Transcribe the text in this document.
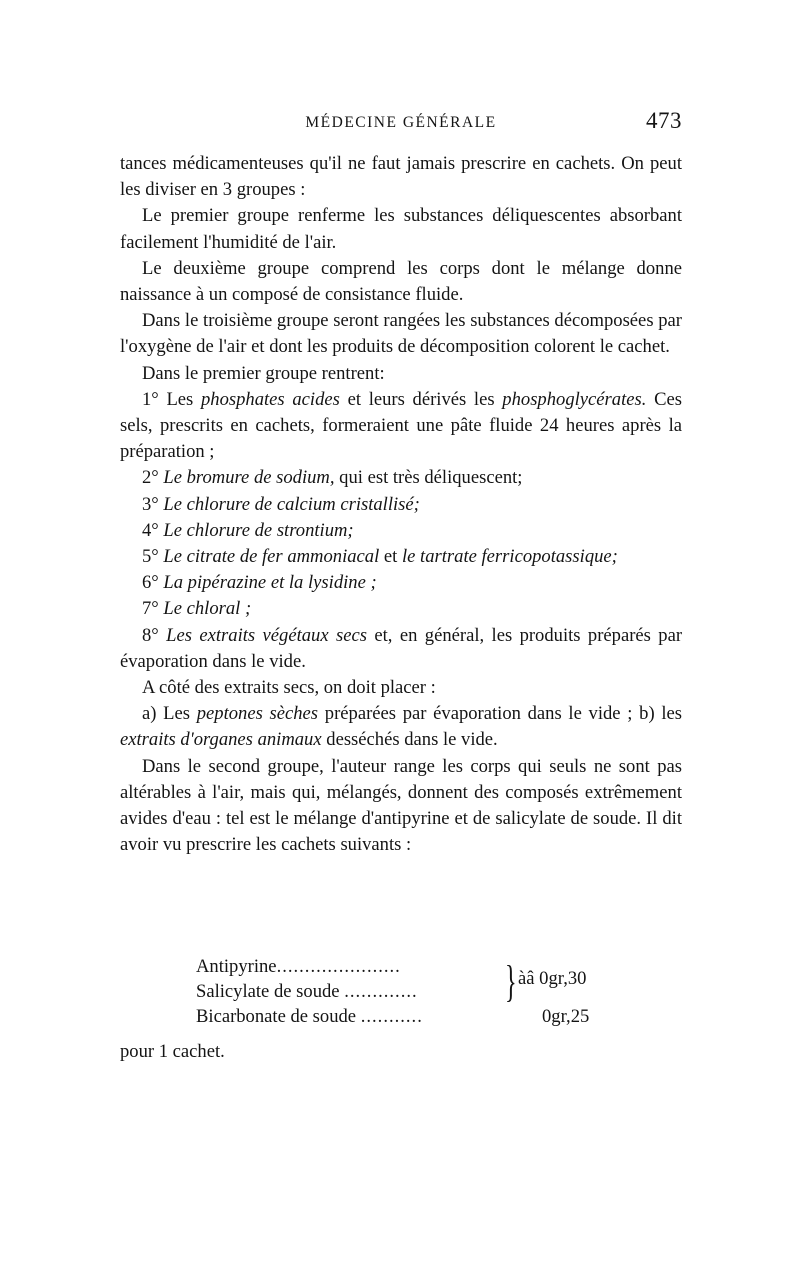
MÉDECINE GÉNÉRALE	473

tances médicamenteuses qu'il ne faut jamais prescrire en cachets. On peut les diviser en 3 groupes :

Le premier groupe renferme les substances déliquescentes absorbant facilement l'humidité de l'air.

Le deuxième groupe comprend les corps dont le mélange donne naissance à un composé de consistance fluide.

Dans le troisième groupe seront rangées les substances décomposées par l'oxygène de l'air et dont les produits de décomposition colorent le cachet.

Dans le premier groupe rentrent:

1° Les phosphates acides et leurs dérivés les phosphoglycérates. Ces sels, prescrits en cachets, formeraient une pâte fluide 24 heures après la préparation ;

2° Le bromure de sodium, qui est très déliquescent;

3° Le chlorure de calcium cristallisé;

4° Le chlorure de strontium;

5° Le citrate de fer ammoniacal et le tartrate ferricopotassique;

6° La pipérazine et la lysidine ;

7° Le chloral ;

8° Les extraits végétaux secs et, en général, les produits préparés par évaporation dans le vide.

A côté des extraits secs, on doit placer :

a) Les peptones sèches préparées par évaporation dans le vide ; b) les extraits d'organes animaux desséchés dans le vide.

Dans le second groupe, l'auteur range les corps qui seuls ne sont pas altérables à l'air, mais qui, mélangés, donnent des composés extrêmement avides d'eau : tel est le mélange d'antipyrine et de salicylate de soude. Il dit avoir vu prescrire les cachets suivants :

Antipyrine......................
Salicylate de soude ............. } àâ 0gr,30
Bicarbonate de soude ...........	0gr,25
pour 1 cachet.
